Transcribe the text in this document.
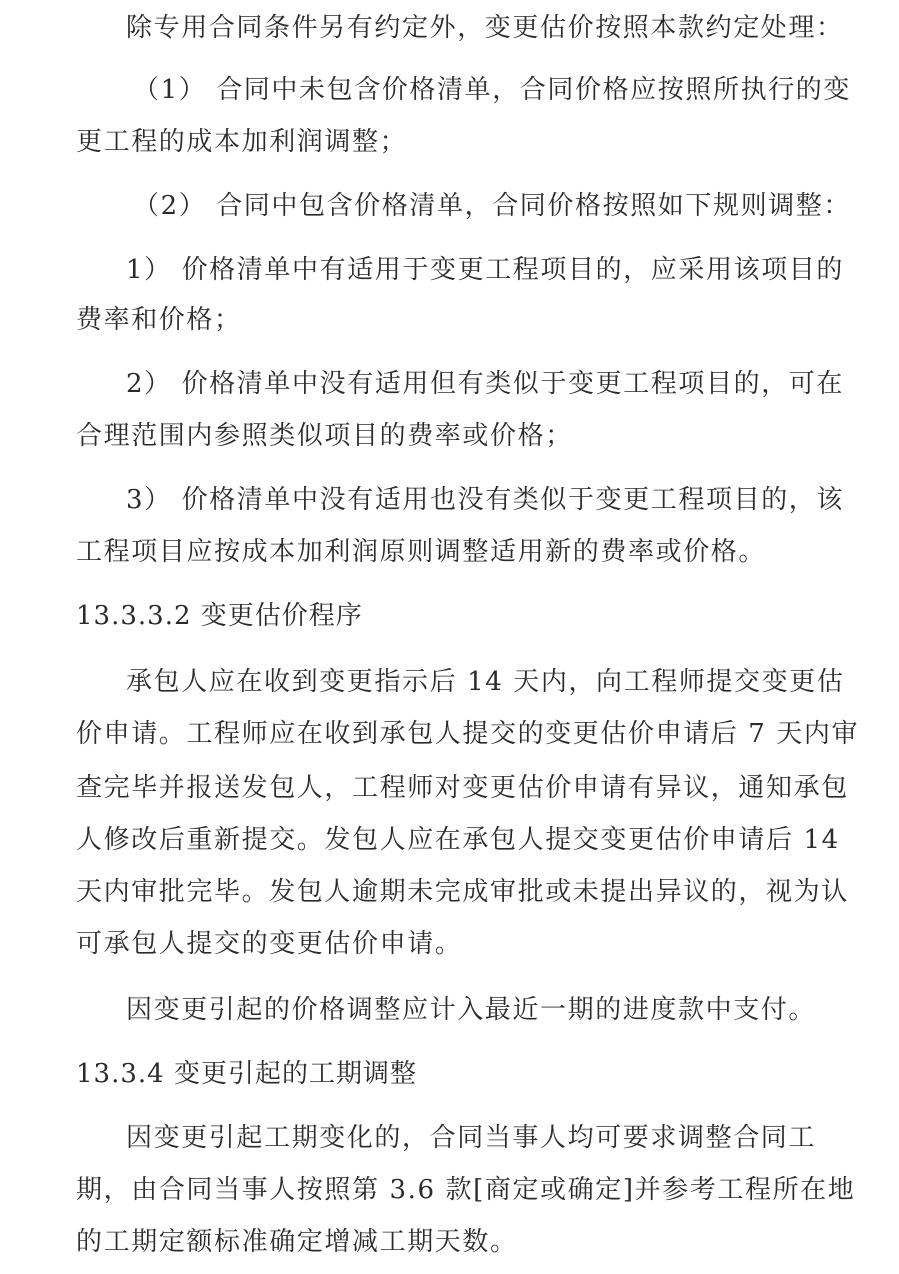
除专用合同条件另有约定外，变更估价按照本款约定处理：
（1） 合同中未包含价格清单，合同价格应按照所执行的变
更工程的成本加利润调整；
（2） 合同中包含价格清单，合同价格按照如下规则调整：
1） 价格清单中有适用于变更工程项目的，应采用该项目的
费率和价格；
2） 价格清单中没有适用但有类似于变更工程项目的，可在
合理范围内参照类似项目的费率或价格；
3） 价格清单中没有适用也没有类似于变更工程项目的，该
工程项目应按成本加利润原则调整适用新的费率或价格。
13.3.3.2 变更估价程序
承包人应在收到变更指示后 14 天内，向工程师提交变更估
价申请。工程师应在收到承包人提交的变更估价申请后 7 天内审
查完毕并报送发包人，工程师对变更估价申请有异议，通知承包
人修改后重新提交。发包人应在承包人提交变更估价申请后 14
天内审批完毕。发包人逾期未完成审批或未提出异议的，视为认
可承包人提交的变更估价申请。
因变更引起的价格调整应计入最近一期的进度款中支付。
13.3.4 变更引起的工期调整
因变更引起工期变化的，合同当事人均可要求调整合同工
期，由合同当事人按照第 3.6 款[商定或确定]并参考工程所在地
的工期定额标准确定增减工期天数。
